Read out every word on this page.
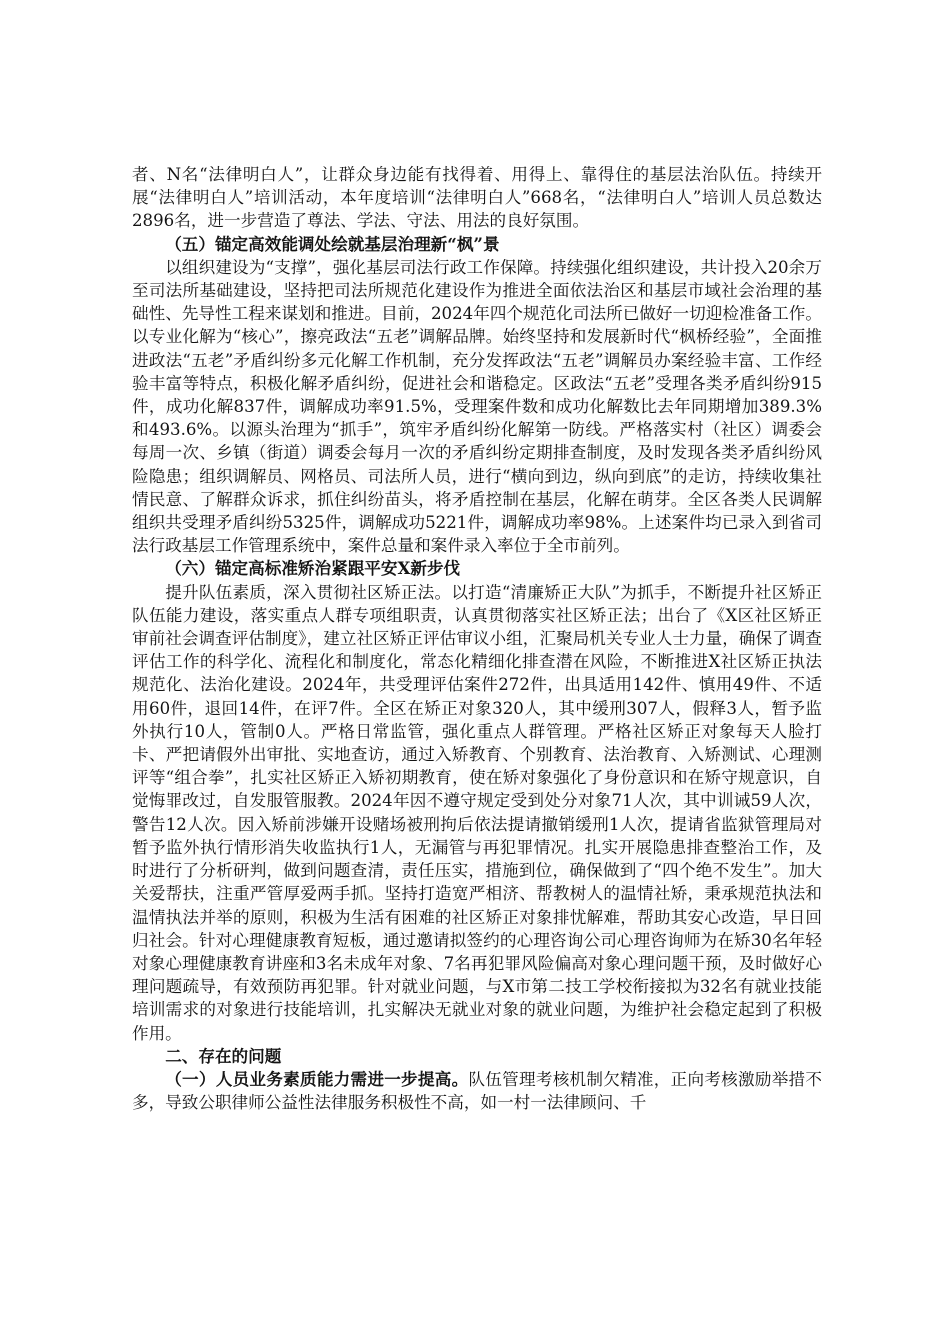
者、N名“法律明白人”，让群众身边能有找得着、用得上、靠得住的基层法治队伍。持续开展“法律明白人”培训活动，本年度培训“法律明白人”668名，“法律明白人”培训人员总数达2896名，进一步营造了尊法、学法、守法、用法的良好氛围。

（五）锚定高效能调处绘就基层治理新“枫”景

以组织建设为“支撑”，强化基层司法行政工作保障。持续强化组织建设，共计投入20余万至司法所基础建设，坚持把司法所规范化建设作为推进全面依法治区和基层市域社会治理的基础性、先导性工程来谋划和推进。目前，2024年四个规范化司法所已做好一切迎检准备工作。以专业化解为“核心”，擦亮政法“五老”调解品牌。始终坚持和发展新时代“枫桥经验”，全面推进政法“五老”矛盾纠纷多元化解工作机制，充分发挥政法“五老”调解员办案经验丰富、工作经验丰富等特点，积极化解矛盾纠纷，促进社会和谐稳定。区政法“五老”受理各类矛盾纠纷915件，成功化解837件，调解成功率91.5%，受理案件数和成功化解数比去年同期增加389.3%和493.6%。以源头治理为“抓手”，筑牢矛盾纠纷化解第一防线。严格落实村（社区）调委会每周一次、乡镇（街道）调委会每月一次的矛盾纠纷定期排查制度，及时发现各类矛盾纠纷风险隐患；组织调解员、网格员、司法所人员，进行“横向到边，纵向到底”的走访，持续收集社情民意、了解群众诉求，抓住纠纷苗头，将矛盾控制在基层，化解在萌芽。全区各类人民调解组织共受理矛盾纠纷5325件，调解成功5221件，调解成功率98%。上述案件均已录入到省司法行政基层工作管理系统中，案件总量和案件录入率位于全市前列。

（六）锚定高标准矫治紧跟平安X新步伐

提升队伍素质，深入贯彻社区矫正法。以打造“清廉矫正大队”为抓手，不断提升社区矫正队伍能力建设，落实重点人群专项组职责，认真贯彻落实社区矫正法；出台了《X区社区矫正审前社会调查评估制度》，建立社区矫正评估审议小组，汇聚局机关专业人士力量，确保了调查评估工作的科学化、流程化和制度化，常态化精细化排查潜在风险，不断推进X社区矫正执法规范化、法治化建设。2024年，共受理评估案件272件，出具适用142件、慎用49件、不适用60件，退回14件，在评7件。全区在矫正对象320人，其中缓刑307人，假释3人，暂予监外执行10人，管制0人。严格日常监管，强化重点人群管理。严格社区矫正对象每天人脸打卡、严把请假外出审批、实地查访，通过入矫教育、个别教育、法治教育、入矫测试、心理测评等“组合拳”，扎实社区矫正入矫初期教育，使在矫对象强化了身份意识和在矫守规意识，自觉悔罪改过，自发服管服教。2024年因不遵守规定受到处分对象71人次，其中训诫59人次，警告12人次。因入矫前涉嫌开设赌场被刑拘后依法提请撤销缓刑1人次，提请省监狱管理局对暂予监外执行情形消失收监执行1人，无漏管与再犯罪情况。扎实开展隐患排查整治工作，及时进行了分析研判，做到问题查清，责任压实，措施到位，确保做到了“四个绝不发生”。加大关爱帮扶，注重严管厚爱两手抓。坚持打造宽严相济、帮教树人的温情社矫，秉承规范执法和温情执法并举的原则，积极为生活有困难的社区矫正对象排忧解难，帮助其安心改造，早日回归社会。针对心理健康教育短板，通过邀请拟签约的心理咨询公司心理咨询师为在矫30名年轻对象心理健康教育讲座和3名未成年对象、7名再犯罪风险偏高对象心理问题干预，及时做好心理问题疏导，有效预防再犯罪。针对就业问题，与X市第二技工学校衔接拟为32名有就业技能培训需求的对象进行技能培训，扎实解决无就业对象的就业问题，为维护社会稳定起到了积极作用。

二、存在的问题

（一）人员业务素质能力需进一步提高。队伍管理考核机制欠精准，正向考核激励举措不多，导致公职律师公益性法律服务积极性不高，如一村一法律顾问、千
